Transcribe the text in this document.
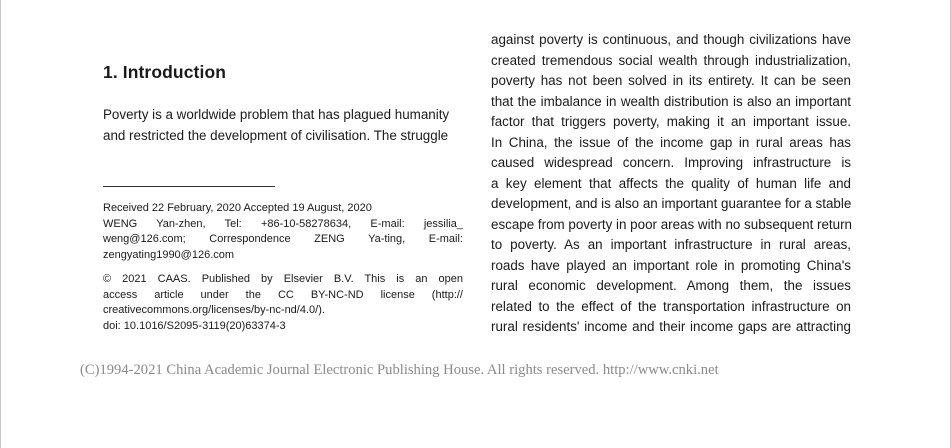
1. Introduction
Poverty is a worldwide problem that has plagued humanity
and restricted the development of civilisation. The struggle
Received 22 February, 2020 Accepted 19 August, 2020
WENG Yan-zhen, Tel: +86-10-58278634, E-mail: jessilia_
weng@126.com; Correspondence ZENG Ya-ting, E-mail:
zengyating1990@126.com
© 2021 CAAS. Published by Elsevier B.V. This is an open
access article under the CC BY-NC-ND license (http://
creativecommons.org/licenses/by-nc-nd/4.0/).
doi: 10.1016/S2095-3119(20)63374-3
against poverty is continuous, and though civilizations have
created tremendous social wealth through industrialization,
poverty has not been solved in its entirety. It can be seen
that the imbalance in wealth distribution is also an important
factor that triggers poverty, making it an important issue.
In China, the issue of the income gap in rural areas has
caused widespread concern. Improving infrastructure is
a key element that affects the quality of human life and
development, and is also an important guarantee for a stable
escape from poverty in poor areas with no subsequent return
to poverty. As an important infrastructure in rural areas,
roads have played an important role in promoting China's
rural economic development. Among them, the issues
related to the effect of the transportation infrastructure on
rural residents' income and their income gaps are attracting
(C)1994-2021 China Academic Journal Electronic Publishing House. All rights reserved. http://www.cnki.net
